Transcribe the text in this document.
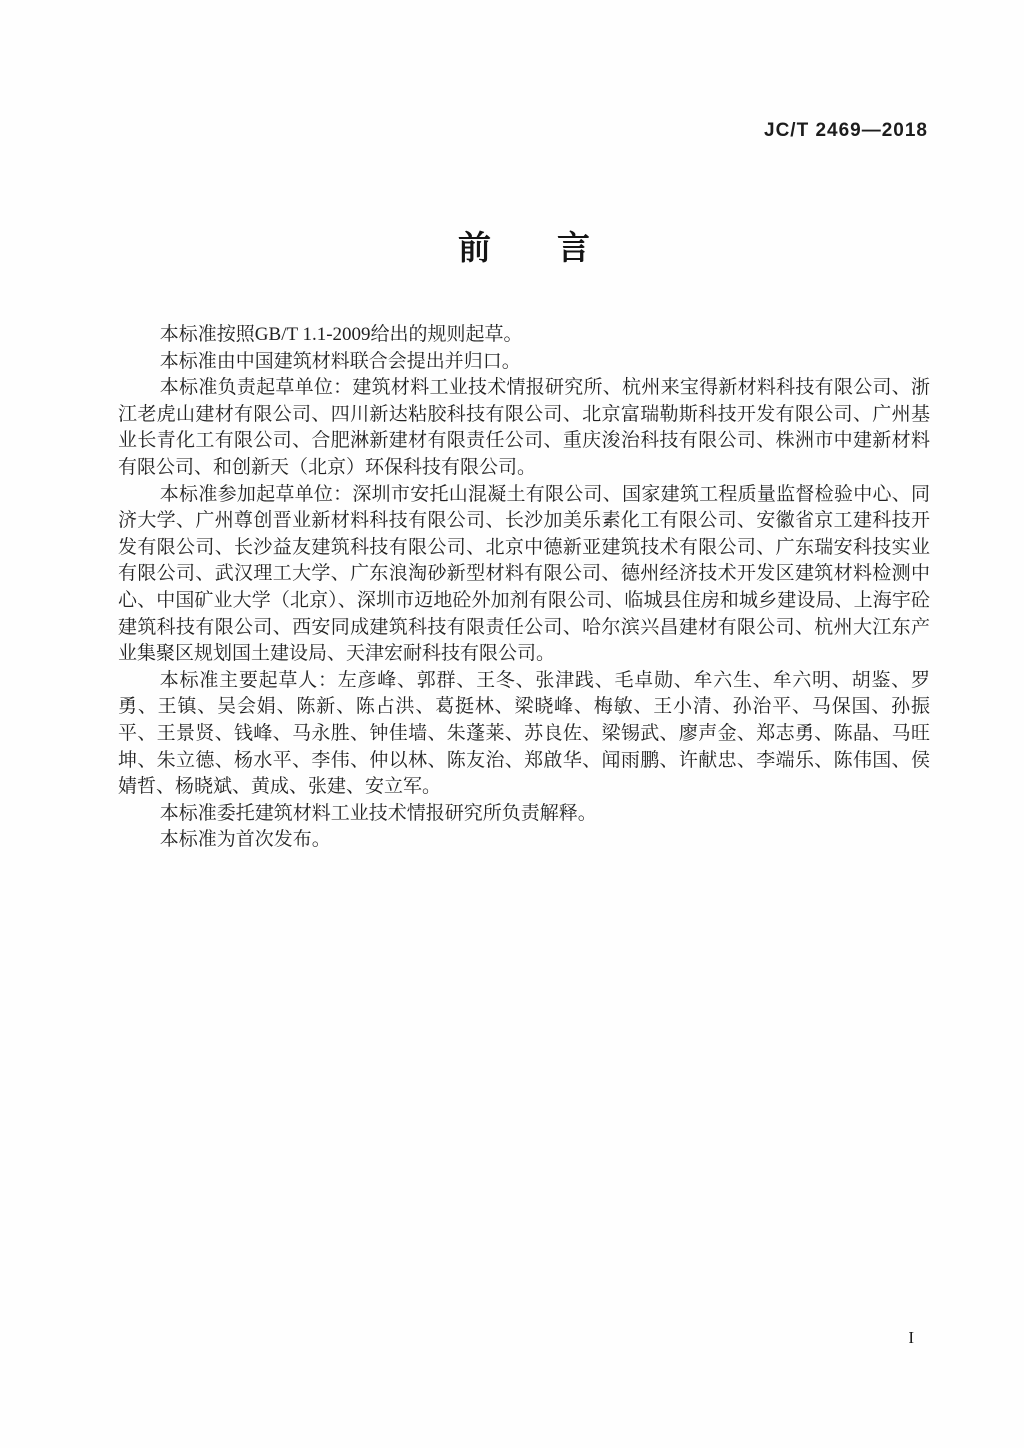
JC/T 2469—2018
前　　言

本标准按照GB/T 1.1-2009给出的规则起草。

本标准由中国建筑材料联合会提出并归口。

本标准负责起草单位：建筑材料工业技术情报研究所、杭州来宝得新材料科技有限公司、浙江老虎山建材有限公司、四川新达粘胶科技有限公司、北京富瑞勒斯科技开发有限公司、广州基业长青化工有限公司、合肥淋新建材有限责任公司、重庆浚治科技有限公司、株洲市中建新材料有限公司、和创新天（北京）环保科技有限公司。

本标准参加起草单位：深圳市安托山混凝土有限公司、国家建筑工程质量监督检验中心、同济大学、广州尊创晋业新材料科技有限公司、长沙加美乐素化工有限公司、安徽省京工建科技开发有限公司、长沙益友建筑科技有限公司、北京中德新亚建筑技术有限公司、广东瑞安科技实业有限公司、武汉理工大学、广东浪淘砂新型材料有限公司、德州经济技术开发区建筑材料检测中心、中国矿业大学（北京）、深圳市迈地砼外加剂有限公司、临城县住房和城乡建设局、上海宇砼建筑科技有限公司、西安同成建筑科技有限责任公司、哈尔滨兴昌建材有限公司、杭州大江东产业集聚区规划国土建设局、天津宏耐科技有限公司。

本标准主要起草人：左彦峰、郭群、王冬、张津践、毛卓勋、牟六生、牟六明、胡鉴、罗勇、王镇、吴会娟、陈新、陈占洪、葛挺林、梁晓峰、梅敏、王小清、孙治平、马保国、孙振平、王景贤、钱峰、马永胜、钟佳墙、朱蓬莱、苏良佐、梁锡武、廖声金、郑志勇、陈晶、马旺坤、朱立德、杨水平、李伟、仲以林、陈友治、郑啟华、闻雨鹏、许献忠、李端乐、陈伟国、侯婧哲、杨晓斌、黄成、张建、安立军。

本标准委托建筑材料工业技术情报研究所负责解释。

本标准为首次发布。

I
